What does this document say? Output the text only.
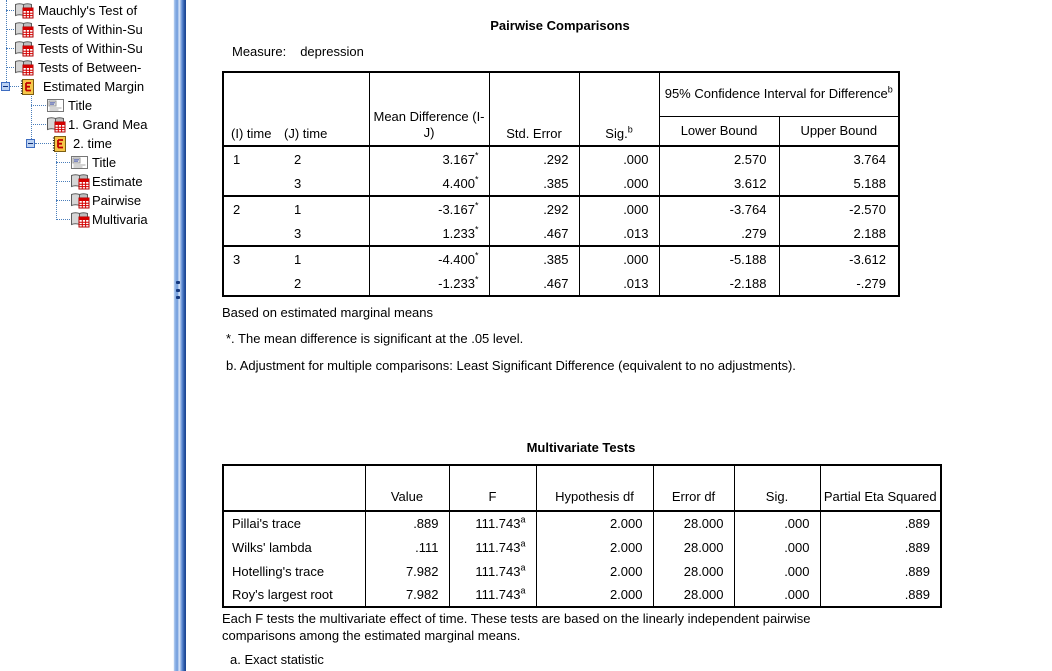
Mauchly's Test of
Tests of Within-Su
Tests of Within-Su
Tests of Between-
Estimated Margin
Title
1. Grand Mea
2. time
Title
Estimate
Pairwise
Multivaria
Pairwise Comparisons
Measure: depression
(I) time (J) time		Mean Difference (I-J)	Std. Error	Sig.$^b$	95% Confidence Interval for Difference$^b$
					Lower Bound	Upper Bound
1	2	3.167*	.292	.000	2.570	3.764
	3	4.400*	.385	.000	3.612	5.188
2	1	-3.167*	.292	.000	-3.764	-2.570
	3	1.233*	.467	.013	.279	2.188
3	1	-4.400*	.385	.000	-5.188	-3.612
	2	-1.233*	.467	.013	-2.188	-.279
Based on estimated marginal means
*. The mean difference is significant at the .05 level.
b. Adjustment for multiple comparisons: Least Significant Difference (equivalent to no adjustments).
Multivariate Tests
	Value	F	Hypothesis df	Error df	Sig.	Partial Eta Squared
Pillai's trace	.889	111.743$^a$	2.000	28.000	.000	.889
Wilks' lambda	.111	111.743$^a$	2.000	28.000	.000	.889
Hotelling's trace	7.982	111.743$^a$	2.000	28.000	.000	.889
Roy's largest root	7.982	111.743$^a$	2.000	28.000	.000	.889
Each F tests the multivariate effect of time. These tests are based on the linearly independent pairwise comparisons among the estimated marginal means.
a. Exact statistic
